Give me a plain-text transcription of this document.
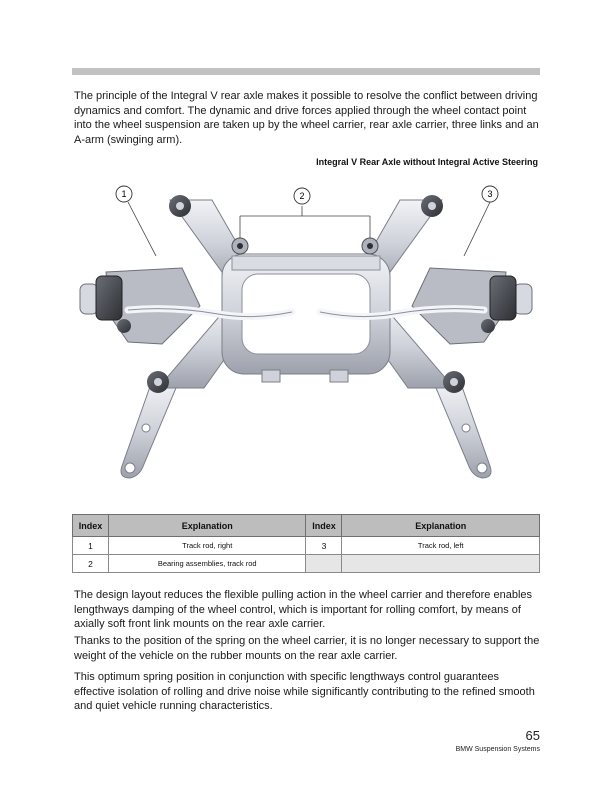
The principle of the Integral V rear axle makes it possible to resolve the conflict between driving dynamics and comfort. The dynamic and drive forces applied through the wheel contact point into the wheel suspension are taken up by the wheel carrier, rear axle carrier, three links and an A-arm (swinging arm).

Integral V Rear Axle without Integral Active Steering
1	2	3
Index	Explanation	Index	Explanation
1	Track rod, right	3	Track rod, left
2	Bearing assemblies, track rod		

The design layout reduces the flexible pulling action in the wheel carrier and therefore enables lengthways damping of the wheel control, which is important for rolling comfort, by means of axially soft front link mounts on the rear axle carrier.

Thanks to the position of the spring on the wheel carrier, it is no longer necessary to support the weight of the vehicle on the rubber mounts on the rear axle carrier.

This optimum spring position in conjunction with specific lengthways control guarantees effective isolation of rolling and drive noise while significantly contributing to the refined smooth and quiet vehicle running characteristics.

65
BMW Suspension Systems
